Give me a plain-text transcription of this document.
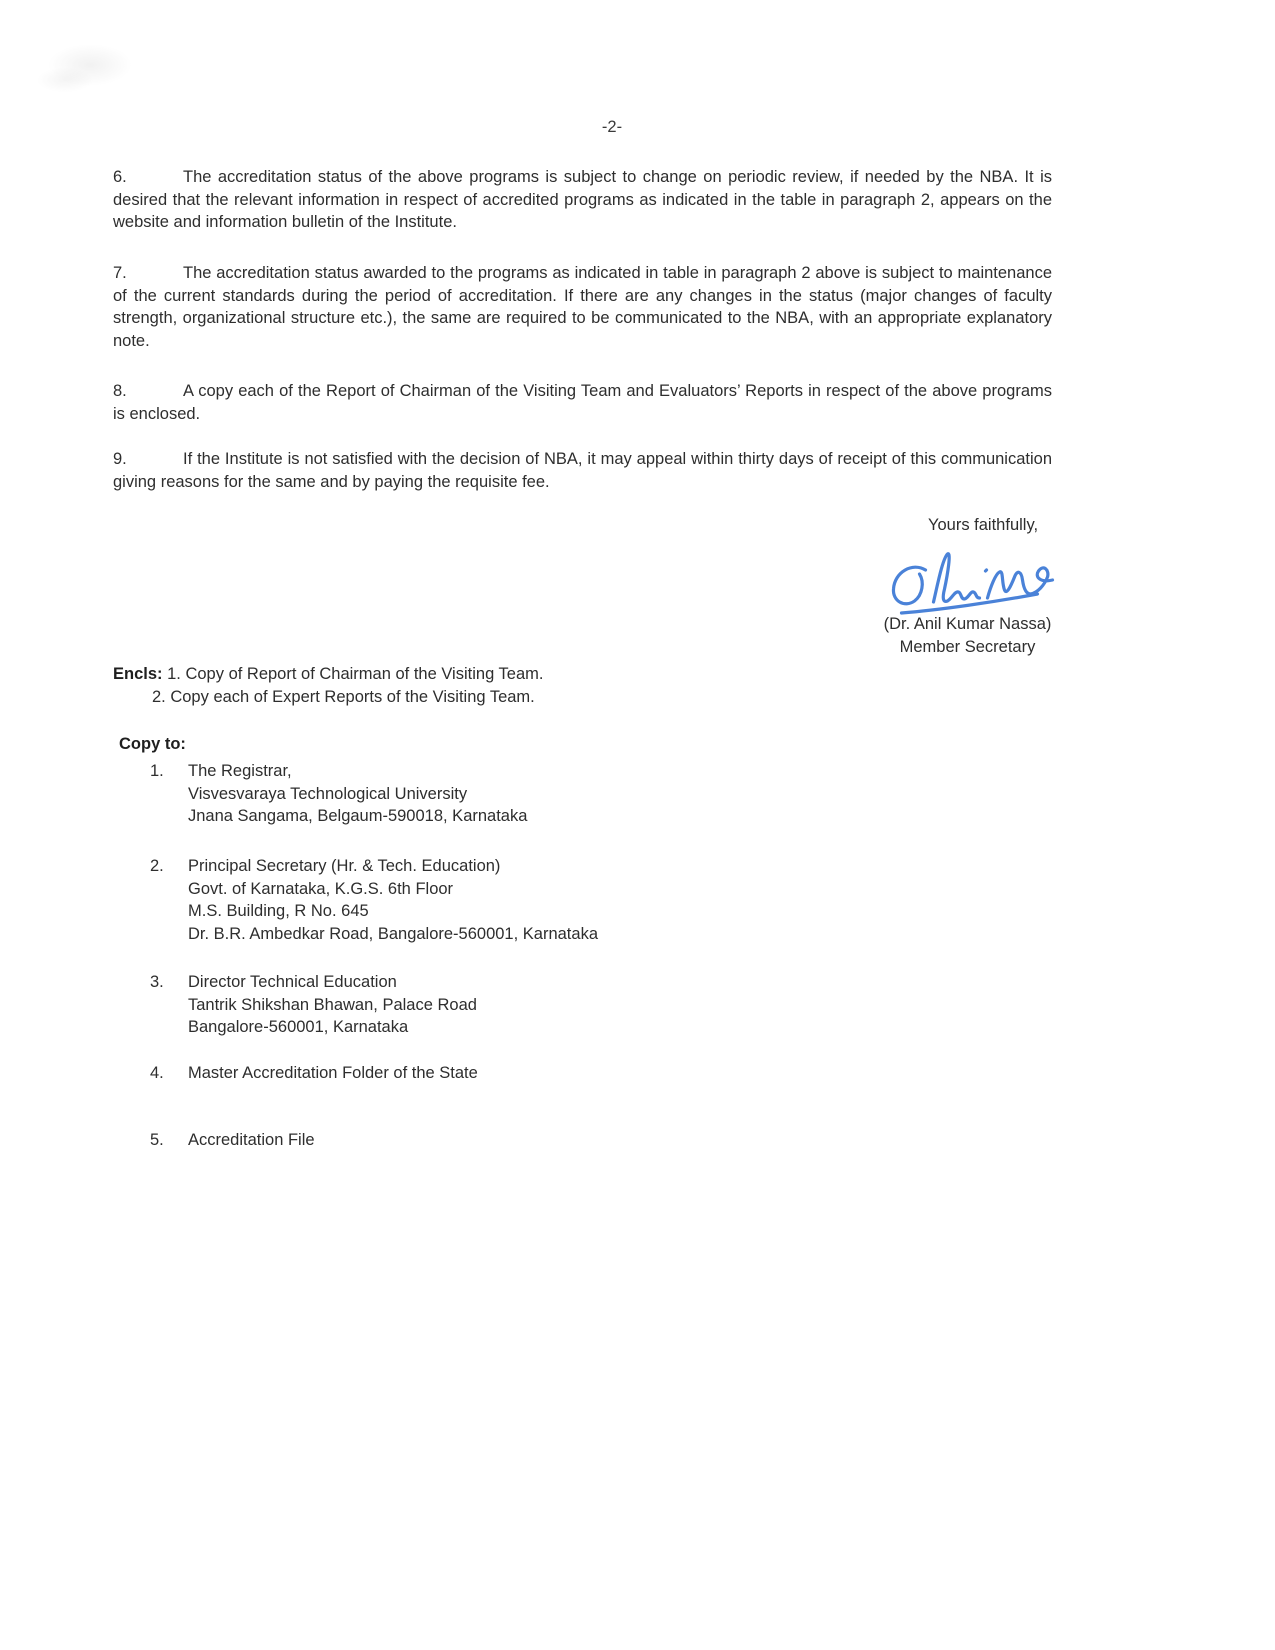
-2-

6.	The accreditation status of the above programs is subject to change on periodic review, if needed by the NBA. It is desired that the relevant information in respect of accredited programs as indicated in the table in paragraph 2, appears on the website and information bulletin of the Institute.

7.	The accreditation status awarded to the programs as indicated in table in paragraph 2 above is subject to maintenance of the current standards during the period of accreditation. If there are any changes in the status (major changes of faculty strength, organizational structure etc.), the same are required to be communicated to the NBA, with an appropriate explanatory note.

8.	A copy each of the Report of Chairman of the Visiting Team and Evaluators’ Reports in respect of the above programs is enclosed.

9.	If the Institute is not satisfied with the decision of NBA, it may appeal within thirty days of receipt of this communication giving reasons for the same and by paying the requisite fee.

Yours faithfully,
(Dr. Anil Kumar Nassa)
Member Secretary
Encls: 1. Copy of Report of Chairman of the Visiting Team.
2. Copy each of Expert Reports of the Visiting Team.
Copy to:
1.	The Registrar,
Visvesvaraya Technological University
Jnana Sangama, Belgaum-590018, Karnataka
2.	Principal Secretary (Hr. & Tech. Education)
Govt. of Karnataka, K.G.S. 6th Floor
M.S. Building, R No. 645
Dr. B.R. Ambedkar Road, Bangalore-560001, Karnataka
3.	Director Technical Education
Tantrik Shikshan Bhawan, Palace Road
Bangalore-560001, Karnataka
4.	Master Accreditation Folder of the State
5.	Accreditation File
